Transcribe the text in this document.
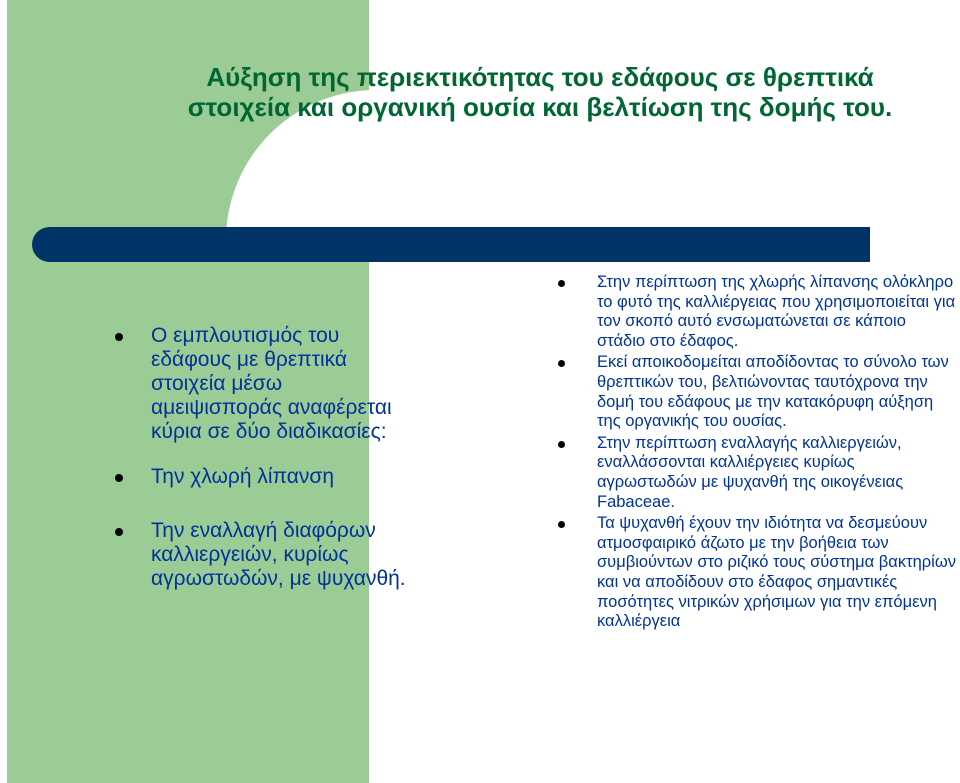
Αύξηση της περιεκτικότητας του εδάφους σε θρεπτικά
στοιχεία και οργανική ουσία και βελτίωση της δομής του.
Ο εμπλουτισμός του εδάφους με θρεπτικά στοιχεία μέσω αμειψισποράς αναφέρεται κύρια σε δύο διαδικασίες:
Την χλωρή λίπανση
Την εναλλαγή διαφόρων καλλιεργειών, κυρίως αγρωστωδών, με ψυχανθή.
Στην περίπτωση της χλωρής λίπανσης ολόκληρο το φυτό της καλλιέργειας που χρησιμοποιείται για τον σκοπό αυτό ενσωματώνεται σε κάποιο στάδιο στο έδαφος.
Εκεί αποικοδομείται αποδίδοντας το σύνολο των θρεπτικών του, βελτιώνοντας ταυτόχρονα την δομή του εδάφους με την κατακόρυφη αύξηση της οργανικής του ουσίας.
Στην περίπτωση εναλλαγής καλλιεργειών, εναλλάσσονται καλλιέργειες κυρίως αγρωστωδών με ψυχανθή της οικογένειας Fabaceae.
Τα ψυχανθή έχουν την ιδιότητα να δεσμεύουν ατμοσφαιρικό άζωτο με την βοήθεια των συμβιούντων στο ριζικό τους σύστημα βακτηρίων και να αποδίδουν στο έδαφος σημαντικές ποσότητες νιτρικών χρήσιμων για την επόμενη καλλιέργεια
